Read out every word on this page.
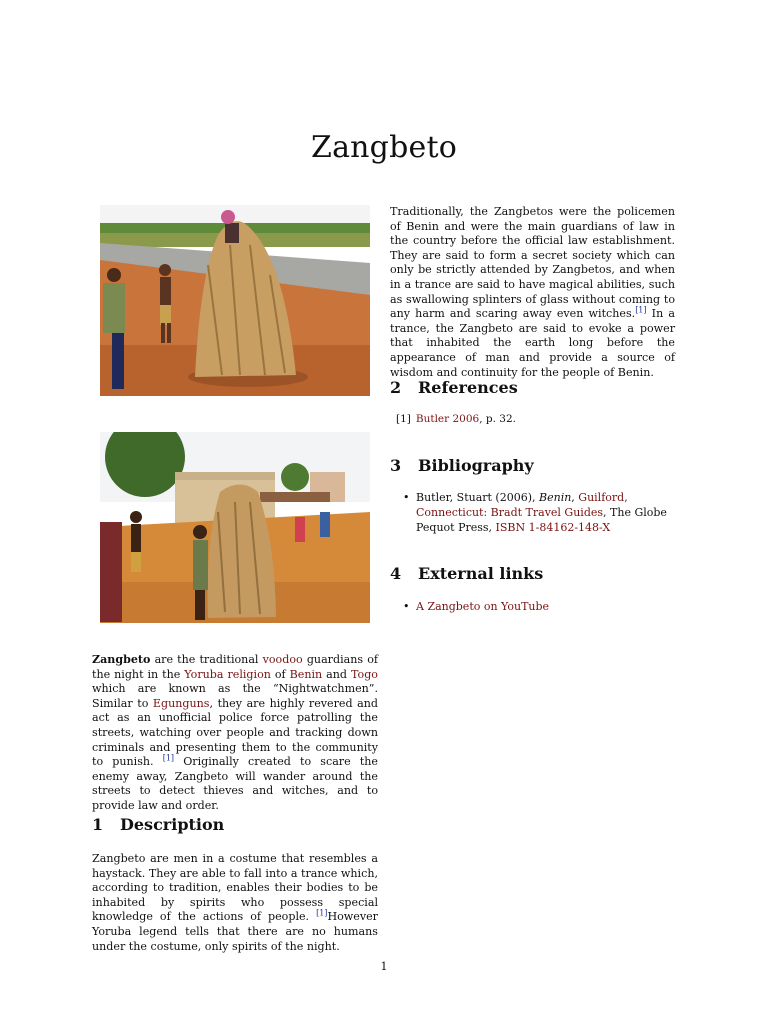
Zangbeto

Zangbeto are the traditional voodoo guardians of the night in the Yoruba religion of Benin and Togo which are known as the “Nightwatchmen”. Similar to Egunguns, they are highly revered and act as an unofficial police force patrolling the streets, watching over people and tracking down criminals and presenting them to the community to punish. [1] Originally created to scare the enemy away, Zangbeto will wander around the streets to detect thieves and witches, and to provide law and order.

1 Description

Zangbeto are men in a costume that resembles a haystack. They are able to fall into a trance which, according to tradition, enables their bodies to be inhabited by spirits who possess special knowledge of the actions of people. [1]However Yoruba legend tells that there are no humans under the costume, only spirits of the night.

Traditionally, the Zangbetos were the policemen of Benin and were the main guardians of law in the country before the official law establishment. They are said to form a secret society which can only be strictly attended by Zangbetos, and when in a trance are said to have magical abilities, such as swallowing splinters of glass without coming to any harm and scaring away even witches.[1] In a trance, the Zangbeto are said to evoke a power that inhabited the earth long before the appearance of man and provide a source of wisdom and continuity for the people of Benin.

2 References
[1] Butler 2006, p. 32.
3 Bibliography
• Butler, Stuart (2006), Benin, Guilford, Connecticut: Bradt Travel Guides, The Globe Pequot Press, ISBN 1-84162-148-X
4 External links
• A Zangbeto on YouTube
1
